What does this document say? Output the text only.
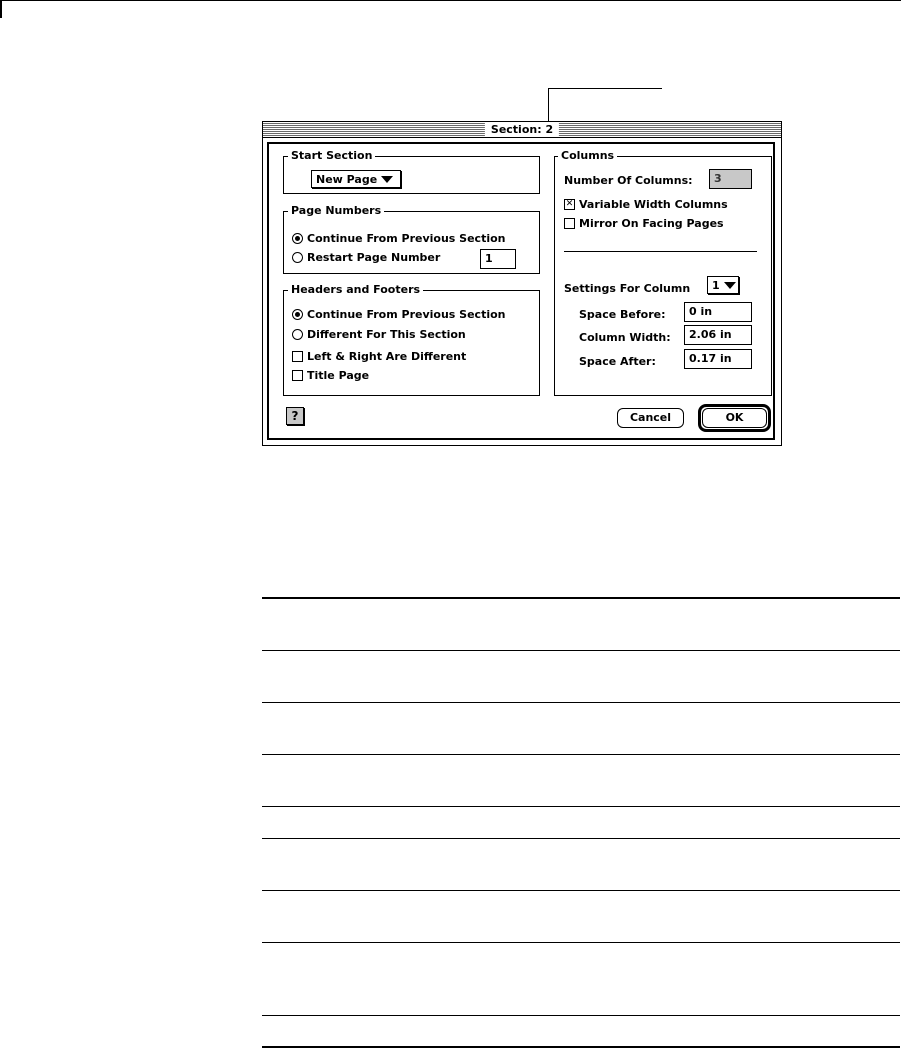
Section: 2
Start Section
New Page
Page Numbers
Continue From Previous Section
Restart Page Number	1
Headers and Footers
Continue From Previous Section
Different For This Section
Left & Right Are Different
Title Page
Columns
Number Of Columns:	3
✕ Variable Width Columns
Mirror On Facing Pages
Settings For Column 1
Space Before:	0 in
Column Width:	2.06 in
Space After:	0.17 in
?	Cancel	OK
